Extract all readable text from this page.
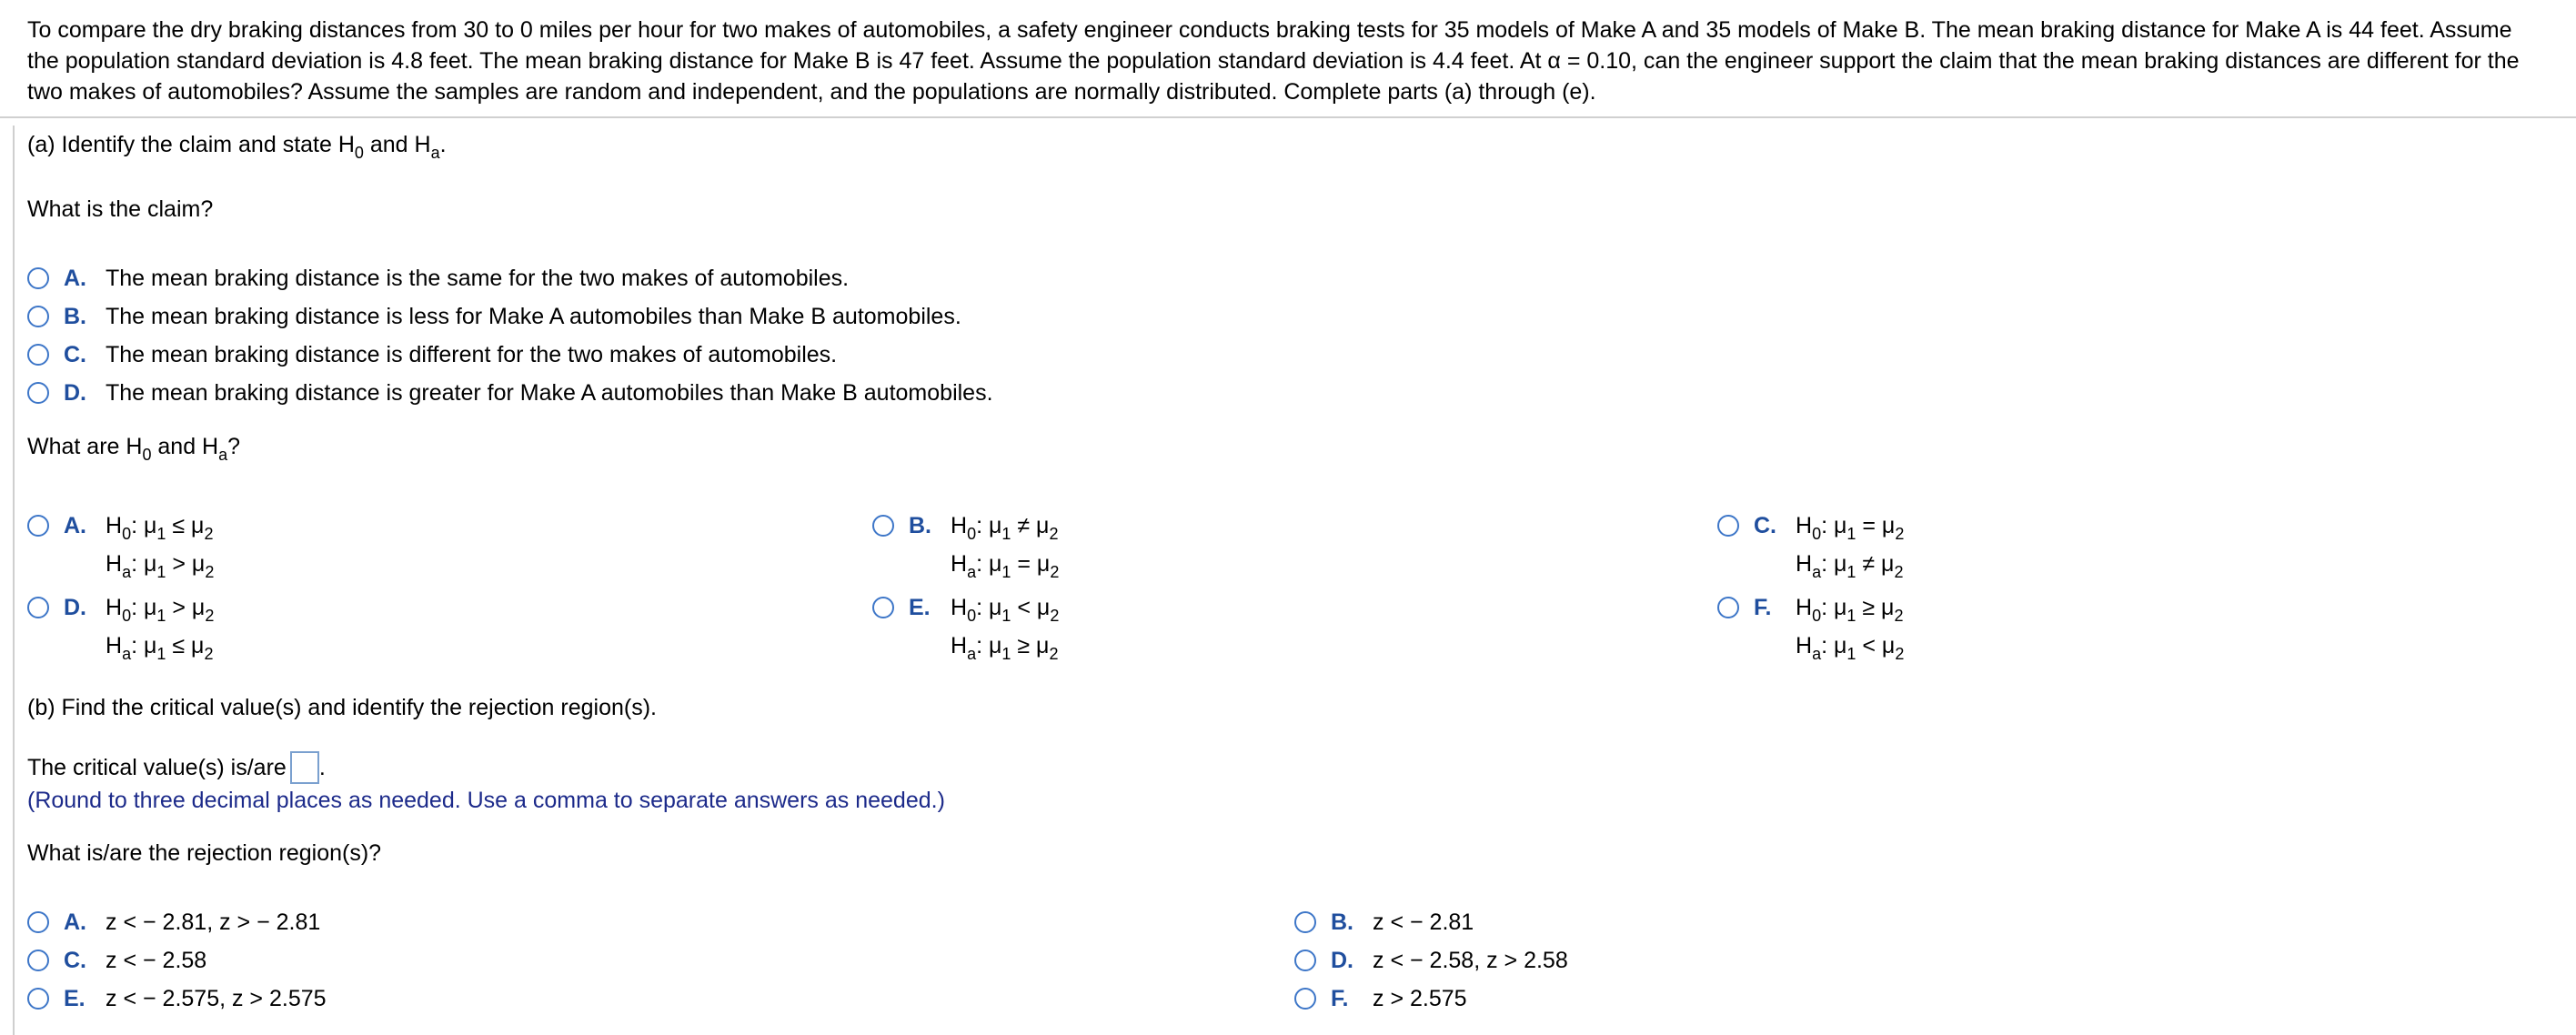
To compare the dry braking distances from 30 to 0 miles per hour for two makes of automobiles, a safety engineer conducts braking tests for 35 models of Make A and 35 models of Make B. The mean braking distance for Make A is 44 feet. Assume the population standard deviation is 4.8 feet. The mean braking distance for Make B is 47 feet. Assume the population standard deviation is 4.4 feet. At α = 0.10, can the engineer support the claim that the mean braking distances are different for the two makes of automobiles? Assume the samples are random and independent, and the populations are normally distributed. Complete parts (a) through (e).
(a) Identify the claim and state $H_0$ and $H_a$.
What is the claim?
A. The mean braking distance is the same for the two makes of automobiles.
B. The mean braking distance is less for Make A automobiles than Make B automobiles.
C. The mean braking distance is different for the two makes of automobiles.
D. The mean braking distance is greater for Make A automobiles than Make B automobiles.
What are $H_0$ and $H_a$?
A. $H_0$: $\mu_1 \le \mu_2$
$H_a$: $\mu_1 > \mu_2$
B. $H_0$: $\mu_1 \ne \mu_2$
$H_a$: $\mu_1 = \mu_2$
C. $H_0$: $\mu_1 = \mu_2$
$H_a$: $\mu_1 \ne \mu_2$
D. $H_0$: $\mu_1 > \mu_2$
$H_a$: $\mu_1 \le \mu_2$
E. $H_0$: $\mu_1 < \mu_2$
$H_a$: $\mu_1 \ge \mu_2$
F. $H_0$: $\mu_1 \ge \mu_2$
$H_a$: $\mu_1 < \mu_2$
(b) Find the critical value(s) and identify the rejection region(s).
The critical value(s) is/are .
(Round to three decimal places as needed. Use a comma to separate answers as needed.)
What is/are the rejection region(s)?
A. z < − 2.81, z > − 2.81	B. z < − 2.81
C. z < − 2.58	D. z < − 2.58, z > 2.58
E. z < − 2.575, z > 2.575	F. z > 2.575
